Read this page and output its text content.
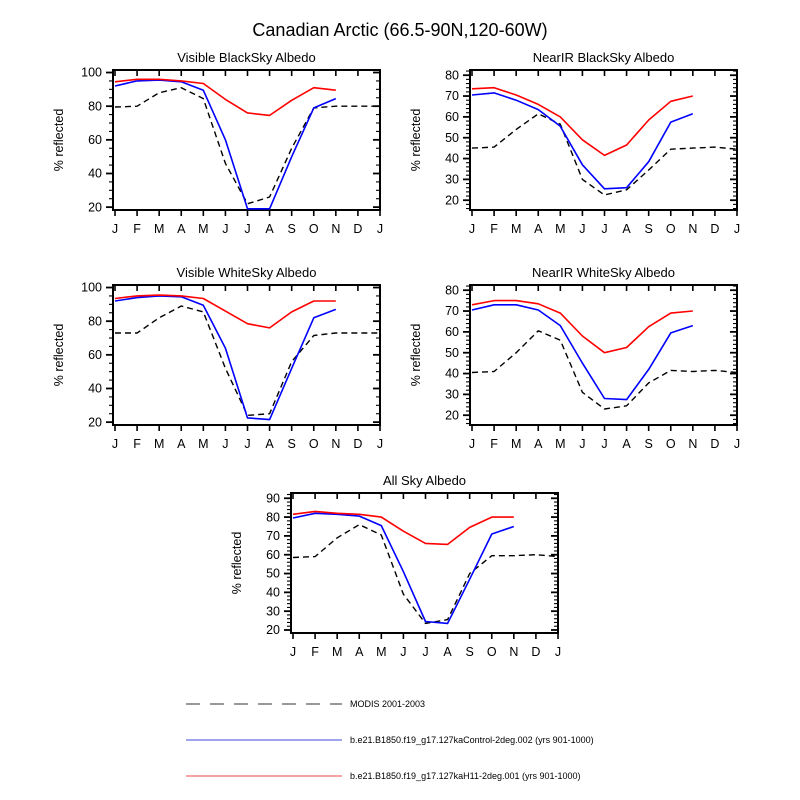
Canadian Arctic (66.5-90N,120-60W)
20
40
60
80
100
J F M A M J J A S O N D J
Visible BlackSky Albedo
% reflected
20
30
40
50
60
70
80
J F M A M J J A S O N D J
NearIR BlackSky Albedo
% reflected
20
40
60
80
100
J F M A M J J A S O N D J
Visible WhiteSky Albedo
% reflected
20
30
40
50
60
70
80
J F M A M J J A S O N D J
NearIR WhiteSky Albedo
% reflected
20
30
40
50
60
70
80
90
J F M A M J J A S O N D J
All Sky Albedo
% reflected
MODIS 2001-2003
b.e21.B1850.f19_g17.127kaControl-2deg.002 (yrs 901-1000)
b.e21.B1850.f19_g17.127kaH11-2deg.001 (yrs 901-1000)
